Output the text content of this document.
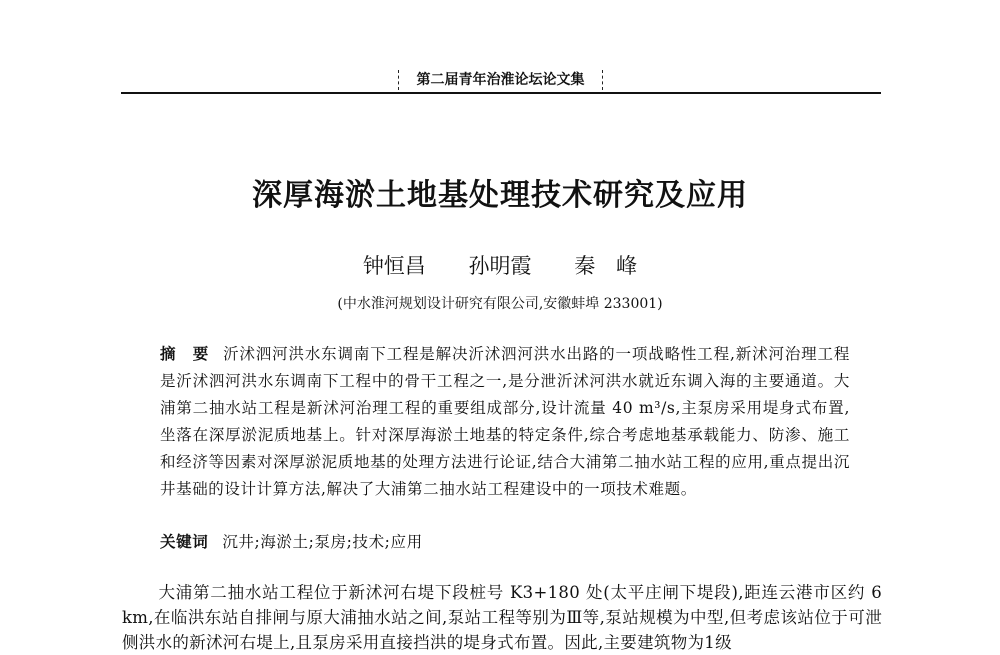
第二届青年治淮论坛论文集
深厚海淤土地基处理技术研究及应用
钟恒昌 孙明霞 秦　峰
(中水淮河规划设计研究有限公司,安徽蚌埠 233001)
摘　要 沂沭泗河洪水东调南下工程是解决沂沭泗河洪水出路的一项战略性工程,新沭河治理工程是沂沭泗河洪水东调南下工程中的骨干工程之一,是分泄沂沭河洪水就近东调入海的主要通道。大浦第二抽水站工程是新沭河治理工程的重要组成部分,设计流量 40 m³/s,主泵房采用堤身式布置,坐落在深厚淤泥质地基上。针对深厚海淤土地基的特定条件,综合考虑地基承载能力、防渗、施工和经济等因素对深厚淤泥质地基的处理方法进行论证,结合大浦第二抽水站工程的应用,重点提出沉井基础的设计计算方法,解决了大浦第二抽水站工程建设中的一项技术难题。
关键词 沉井;海淤土;泵房;技术;应用
大浦第二抽水站工程位于新沭河右堤下段桩号 K3+180 处(太平庄闸下堤段),距连云港市区约 6 km,在临洪东站自排闸与原大浦抽水站之间,泵站工程等别为Ⅲ等,泵站规模为中型,但考虑该站位于可泄侧洪水的新沭河右堤上,且泵房采用直接挡洪的堤身式布置。因此,主要建筑物为1级
